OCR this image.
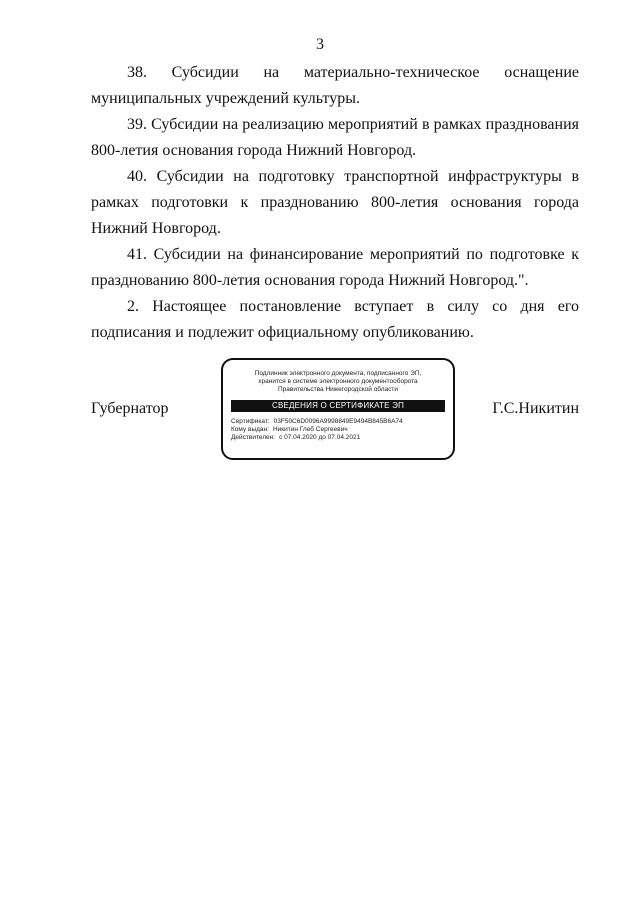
3

38. Субсидии на материально-техническое оснащение муниципальных учреждений культуры.

39. Субсидии на реализацию мероприятий в рамках празднования 800-летия основания города Нижний Новгород.

40. Субсидии на подготовку транспортной инфраструктуры в рамках подготовки к празднованию 800-летия основания города Нижний Новгород.

41. Субсидии на финансирование мероприятий по подготовке к празднованию 800-летия основания города Нижний Новгород.".

2. Настоящее постановление вступает в силу со дня его подписания и подлежит официальному опубликованию.

Губернатор
Подлинник электронного документа, подписанного ЭП,
хранится в системе электронного документооборота
Правительства Нижегородской области
СВЕДЕНИЯ О СЕРТИФИКАТЕ ЭП
Сертификат: 03F50C6D0096A9998849E9494B845B6A74
Кому выдан: Никитин Глеб Сергеевич
Действителен: с 07.04.2020 до 07.04.2021
Г.С.Никитин
